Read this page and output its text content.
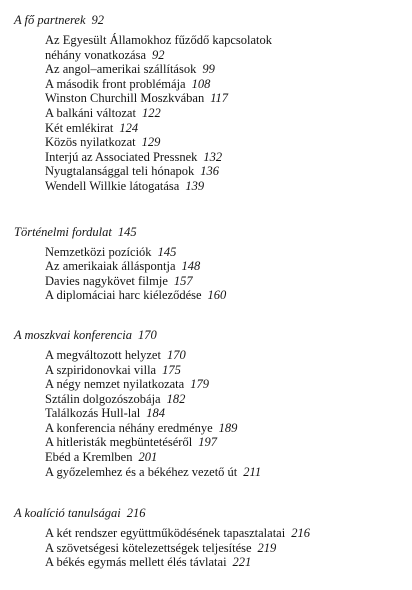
A fő partnerek 92
Az Egyesült Államokhoz fűződő kapcsolatok
néhány vonatkozása 92
Az angol–amerikai szállítások 99
A második front problémája 108
Winston Churchill Moszkvában 117
A balkáni változat 122
Két emlékirat 124
Közös nyilatkozat 129
Interjú az Associated Pressnek 132
Nyugtalansággal teli hónapok 136
Wendell Willkie látogatása 139
Történelmi fordulat 145
Nemzetközi pozíciók 145
Az amerikaiak álláspontja 148
Davies nagykövet filmje 157
A diplomáciai harc kiéleződése 160
A moszkvai konferencia 170
A megváltozott helyzet 170
A szpiridonovkai villa 175
A négy nemzet nyilatkozata 179
Sztálin dolgozószobája 182
Találkozás Hull-lal 184
A konferencia néhány eredménye 189
A hitleristák megbüntetéséről 197
Ebéd a Kremlben 201
A győzelemhez és a békéhez vezető út 211
A koalíció tanulságai 216
A két rendszer együttműködésének tapasztalatai 216
A szövetségesi kötelezettségek teljesítése 219
A békés egymás mellett élés távlatai 221
